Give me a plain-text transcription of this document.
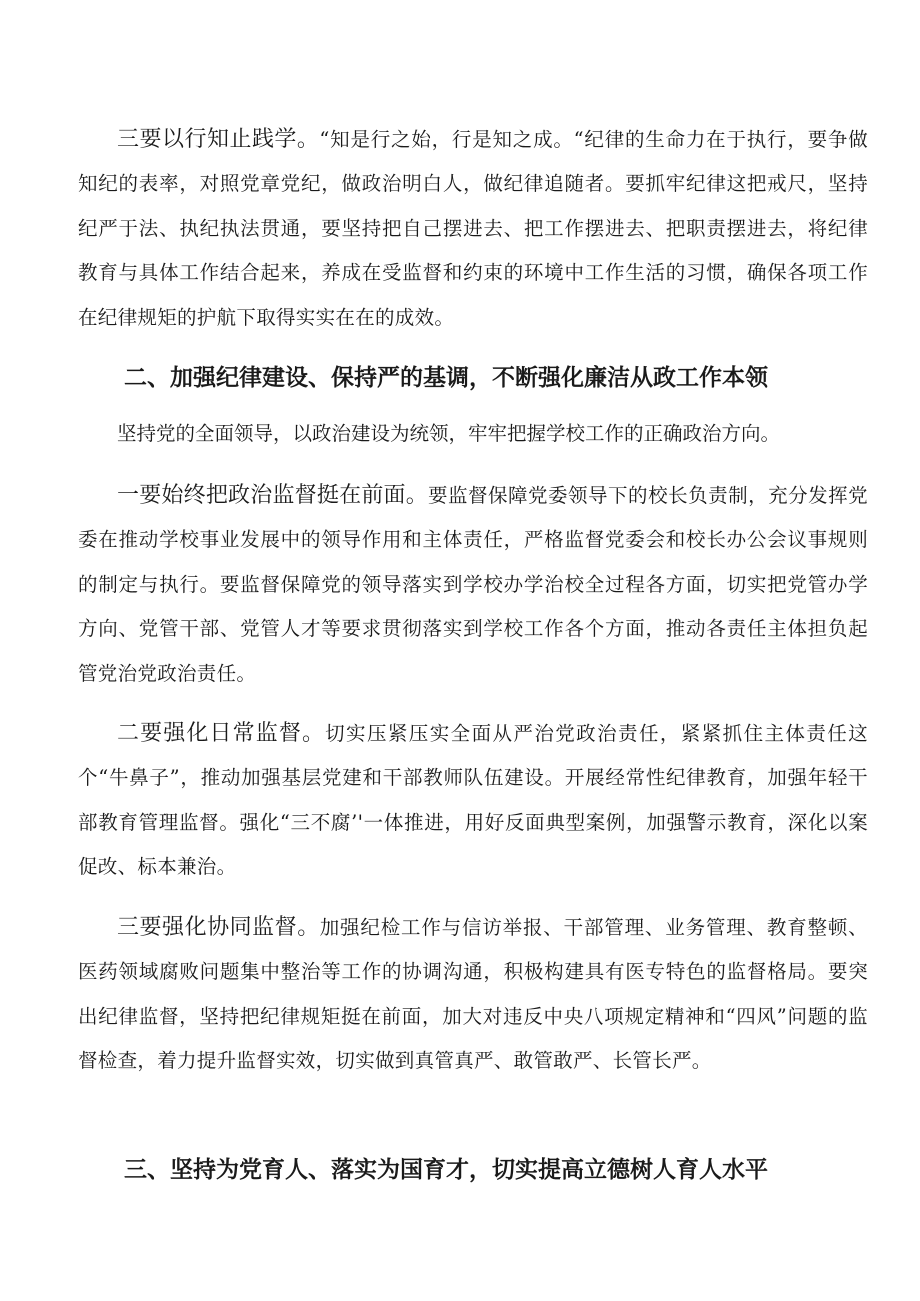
三要以行知止践学。“知是行之始，行是知之成。“纪律的生命力在于执行，要争做知纪的表率，对照党章党纪，做政治明白人，做纪律追随者。要抓牢纪律这把戒尺，坚持纪严于法、执纪执法贯通，要坚持把自己摆进去、把工作摆进去、把职责摆进去，将纪律教育与具体工作结合起来，养成在受监督和约束的环境中工作生活的习惯，确保各项工作在纪律规矩的护航下取得实实在在的成效。

二、加强纪律建设、保持严的基调，不断强化廉洁从政工作本领

坚持党的全面领导，以政治建设为统领，牢牢把握学校工作的正确政治方向。

一要始终把政治监督挺在前面。要监督保障党委领导下的校长负责制，充分发挥党委在推动学校事业发展中的领导作用和主体责任，严格监督党委会和校长办公会议事规则的制定与执行。要监督保障党的领导落实到学校办学治校全过程各方面，切实把党管办学方向、党管干部、党管人才等要求贯彻落实到学校工作各个方面，推动各责任主体担负起管党治党政治责任。

二要强化日常监督。切实压紧压实全面从严治党政治责任，紧紧抓住主体责任这个“牛鼻子”，推动加强基层党建和干部教师队伍建设。开展经常性纪律教育，加强年轻干部教育管理监督。强化“三不腐’'一体推进，用好反面典型案例，加强警示教育，深化以案促改、标本兼治。

三要强化协同监督。加强纪检工作与信访举报、干部管理、业务管理、教育整顿、医药领域腐败问题集中整治等工作的协调沟通，积极构建具有医专特色的监督格局。要突出纪律监督，坚持把纪律规矩挺在前面，加大对违反中央八项规定精神和“四风”问题的监督检查，着力提升监督实效，切实做到真管真严、敢管敢严、长管长严。

三、坚持为党育人、落实为国育才，切实提高立德树人育人水平
